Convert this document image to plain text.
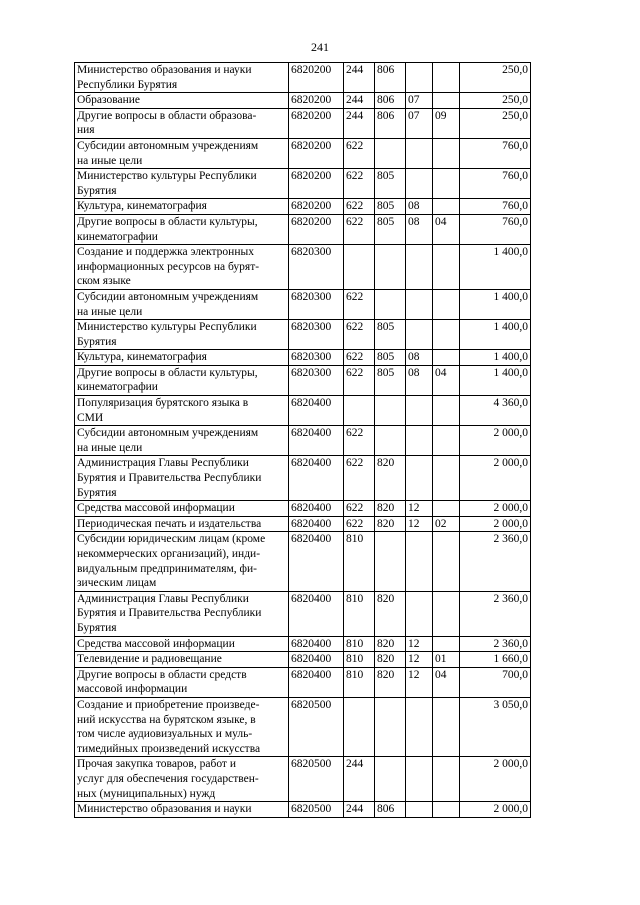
241
Министерство образования и науки
Республики Бурятия	6820200	244	806			250,0
Образование	6820200	244	806	07		250,0
Другие вопросы в области образова-
ния	6820200	244	806	07	09	250,0
Субсидии автономным учреждениям
на иные цели	6820200	622				760,0
Министерство культуры Республики
Бурятия	6820200	622	805			760,0
Культура, кинематография	6820200	622	805	08		760,0
Другие вопросы в области культуры,
кинематографии	6820200	622	805	08	04	760,0
Создание и поддержка электронных
информационных ресурсов на бурят-
ском языке	6820300					1 400,0
Субсидии автономным учреждениям
на иные цели	6820300	622				1 400,0
Министерство культуры Республики
Бурятия	6820300	622	805			1 400,0
Культура, кинематография	6820300	622	805	08		1 400,0
Другие вопросы в области культуры,
кинематографии	6820300	622	805	08	04	1 400,0
Популяризация бурятского языка в
СМИ	6820400					4 360,0
Субсидии автономным учреждениям
на иные цели	6820400	622				2 000,0
Администрация Главы Республики
Бурятия и Правительства Республики
Бурятия	6820400	622	820			2 000,0
Средства массовой информации	6820400	622	820	12		2 000,0
Периодическая печать и издательства	6820400	622	820	12	02	2 000,0
Субсидии юридическим лицам (кроме
некоммерческих организаций), инди-
видуальным предпринимателям, фи-
зическим лицам	6820400	810				2 360,0
Администрация Главы Республики
Бурятия и Правительства Республики
Бурятия	6820400	810	820			2 360,0
Средства массовой информации	6820400	810	820	12		2 360,0
Телевидение и радиовещание	6820400	810	820	12	01	1 660,0
Другие вопросы в области средств
массовой информации	6820400	810	820	12	04	700,0
Создание и приобретение произведе-
ний искусства на бурятском языке, в
том числе аудиовизуальных и муль-
тимедийных произведений искусства	6820500					3 050,0
Прочая закупка товаров, работ и
услуг для обеспечения государствен-
ных (муниципальных) нужд	6820500	244				2 000,0
Министерство образования и науки	6820500	244	806			2 000,0
